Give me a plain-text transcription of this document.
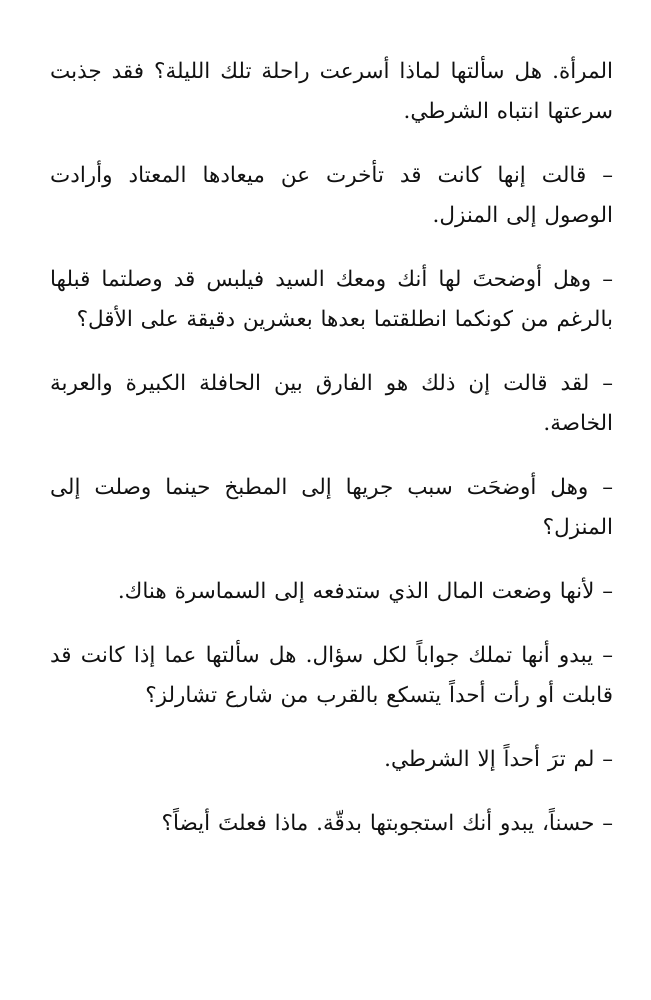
المرأة. هل سألتها لماذا أسرعت راحلة تلك الليلة؟ فقد جذبت سرعتها انتباه الشرطي.

– قالت إنها كانت قد تأخرت عن ميعادها المعتاد وأرادت الوصول إلى المنزل.

– وهل أوضحتَ لها أنك ومعك السيد فيلبس قد وصلتما قبلها بالرغم من كونكما انطلقتما بعدها بعشرين دقيقة على الأقل؟

– لقد قالت إن ذلك هو الفارق بين الحافلة الكبيرة والعربة الخاصة.

– وهل أوضحَت سبب جريها إلى المطبخ حينما وصلت إلى المنزل؟

– لأنها وضعت المال الذي ستدفعه إلى السماسرة هناك.

– يبدو أنها تملك جواباً لكل سؤال. هل سألتها عما إذا كانت قد قابلت أو رأت أحداً يتسكع بالقرب من شارع تشارلز؟

– لم ترَ أحداً إلا الشرطي.

– حسناً، يبدو أنك استجوبتها بدقّة. ماذا فعلتَ أيضاً؟
